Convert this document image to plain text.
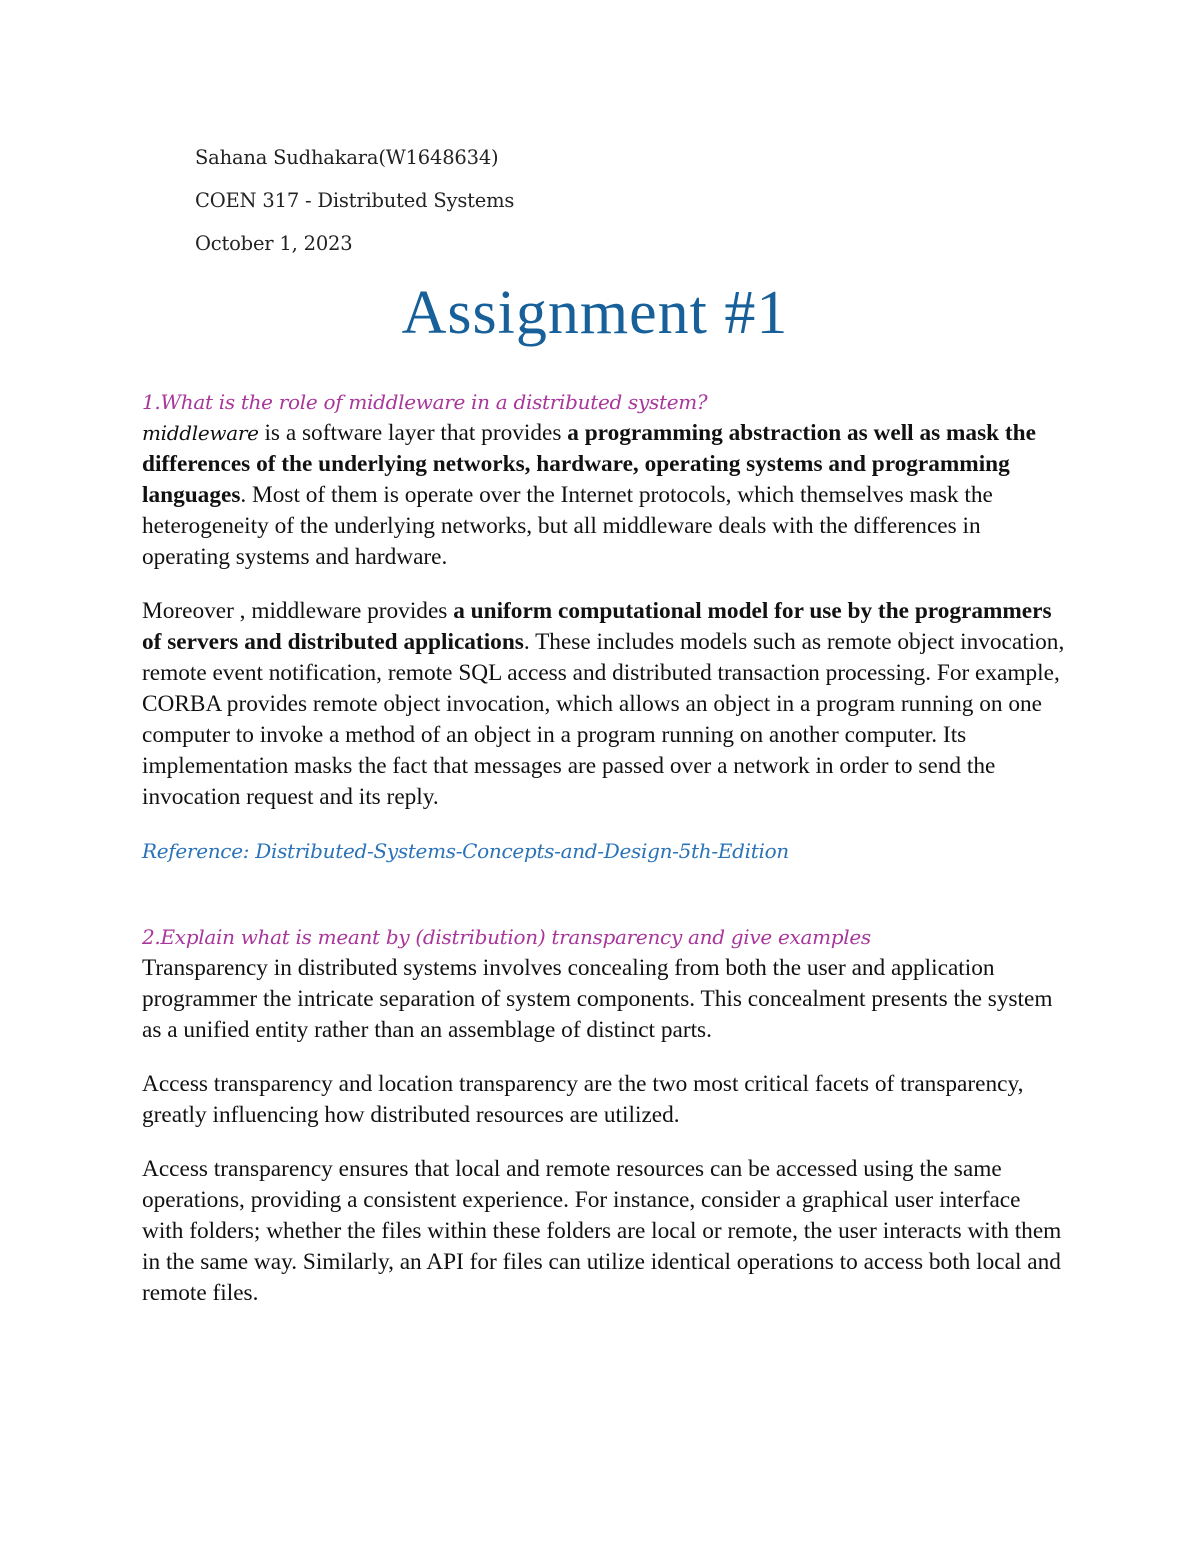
Sahana Sudhakara(W1648634)
COEN 317 - Distributed Systems
October 1, 2023
Assignment #1

1.What is the role of middleware in a distributed system?

middleware is a software layer that provides a programming abstraction as well as mask the differences of the underlying networks, hardware, operating systems and programming languages. Most of them is operate over the Internet protocols, which themselves mask the heterogeneity of the underlying networks, but all middleware deals with the differences in operating systems and hardware.

Moreover , middleware provides a uniform computational model for use by the programmers of servers and distributed applications. These includes models such as remote object invocation, remote event notification, remote SQL access and distributed transaction processing. For example, CORBA provides remote object invocation, which allows an object in a program running on one computer to invoke a method of an object in a program running on another computer. Its implementation masks the fact that messages are passed over a network in order to send the invocation request and its reply.

Reference: Distributed-Systems-Concepts-and-Design-5th-Edition

2.Explain what is meant by (distribution) transparency and give examples

Transparency in distributed systems involves concealing from both the user and application programmer the intricate separation of system components. This concealment presents the system as a unified entity rather than an assemblage of distinct parts.

Access transparency and location transparency are the two most critical facets of transparency, greatly influencing how distributed resources are utilized.

Access transparency ensures that local and remote resources can be accessed using the same operations, providing a consistent experience. For instance, consider a graphical user interface with folders; whether the files within these folders are local or remote, the user interacts with them in the same way. Similarly, an API for files can utilize identical operations to access both local and remote files.
